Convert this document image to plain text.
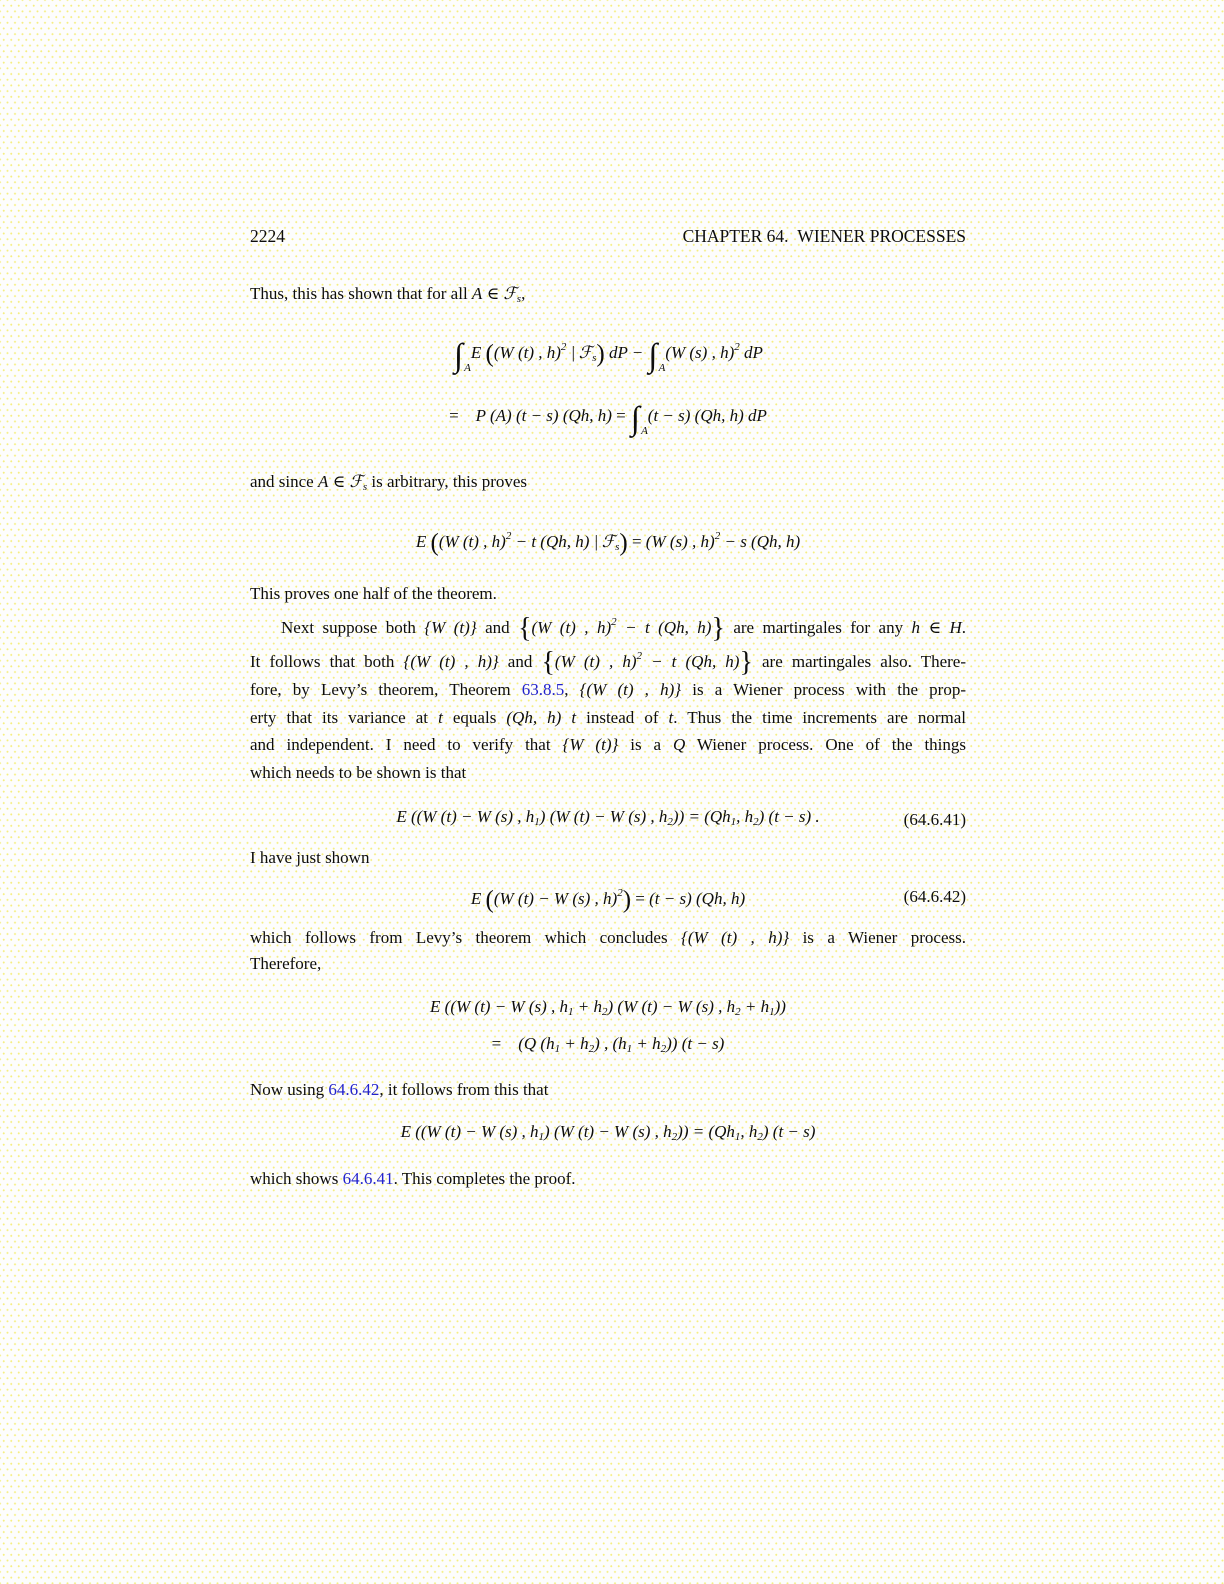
2224	CHAPTER 64. WIENER PROCESSES
Thus, this has shown that for all A ∈ ℱ$_s$,
$\int_AE$ ((W (t) , h)$^2$ | ℱ$_s$) dP − $\int_A(W$ (s) , h)$^2$ dP
=  P (A) (t − s) (Qh, $h) = \int_A(t - s)$ (Qh, h) dP
and since A ∈ ℱ$_s$ is arbitrary, this proves
E ((W (t) , h)$^2$ − t (Qh, h) | ℱ$_s$) = (W (s) , h)$^2$ − s (Qh, h)
This proves one half of the theorem.
Next suppose both {W (t)} and {(W (t) , h)$^2$ − t (Qh, h)} are martingales for any h ∈ H.
It follows that both {(W (t) , h)} and {(W (t) , h)$^2$ − t (Qh, h)} are martingales also. There-
fore, by Levy’s theorem, Theorem 63.8.5, {(W (t) , h)} is a Wiener process with the prop-
erty that its variance at t equals (Qh, h) t instead of t. Thus the time increments are normal
and independent. I need to verify that {W (t)} is a Q Wiener process. One of the things
which needs to be shown is that
E ((W (t) − W (s) , $h_1$) (W (t) − W (s) , $h_2)) = (Qh_1$, $h_2$) (t − s) .	(64.6.41)
I have just shown
E ((W (t) − W (s) , h)$^2$) = (t − s) (Qh, h)	(64.6.42)
which follows from Levy’s theorem which concludes {(W (t) , h)} is a Wiener process.
Therefore,
E ((W (t) − W (s) , $h_1 + h_2$) (W (t) − W (s) , $h_2 + h_1$))
=  (Q $(h_1 + h_2)$ , $(h_1 + h_2)$) (t − s)
Now using 64.6.42, it follows from this that
E ((W (t) − W (s) , $h_1$) (W (t) − W (s) , $h_2)) = (Qh_1$, $h_2$) (t − s)
which shows 64.6.41. This completes the proof.
